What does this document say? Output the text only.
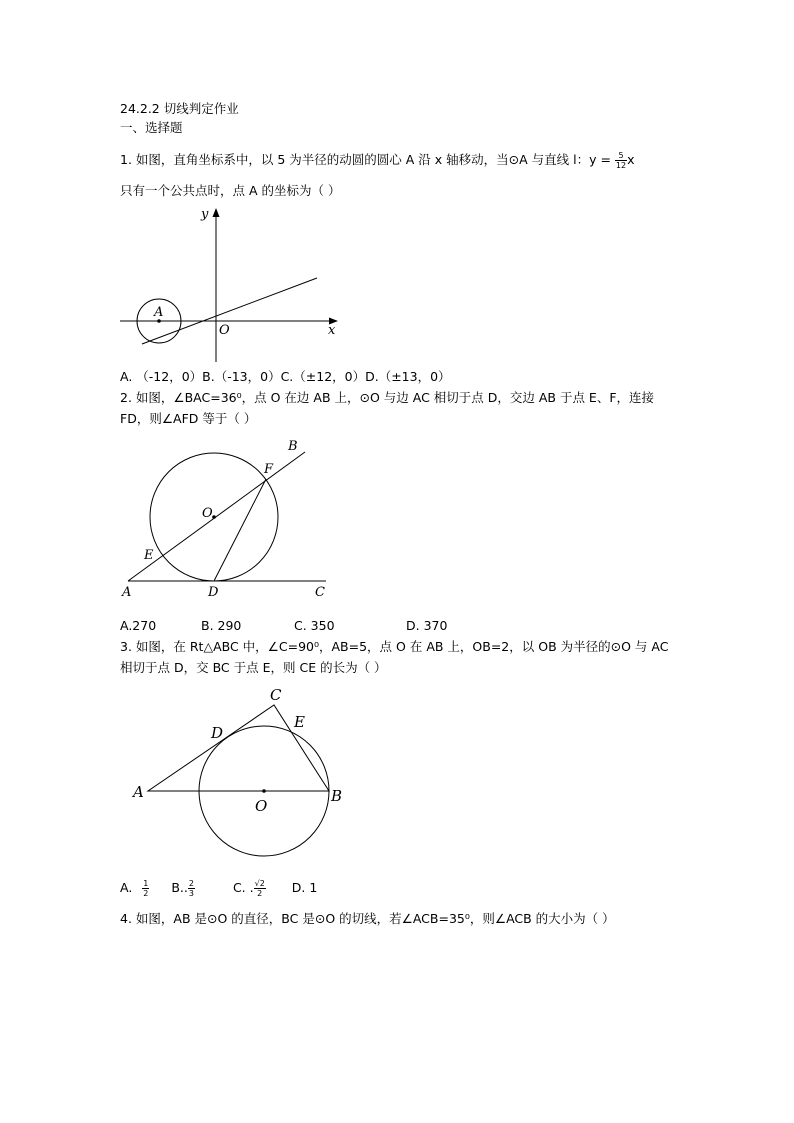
24.2.2 切线判定作业
一、选择题
1. 如图，直角坐标系中，以 5 为半径的动圆的圆心 A 沿 x 轴移动，当⊙A 与直线 l：$y = \frac{5}{12}$ x
只有一个公共点时，点 A 的坐标为（ ）
y
x
A
O
A. （-12，0）B.（-13，0）C.（±12，0）D.（±13，0）
2. 如图，∠BAC=36⁰，点 O 在边 AB 上，⊙O 与边 AC 相切于点 D，交边 AB 于点 E、F，连接
FD，则∠AFD 等于（ ）
B
F
O
E
A	D	C
A.270	B. 290	C. 350	D. 370
3. 如图，在 Rt△ABC 中，∠C=90⁰，AB=5，点 O 在 AB 上，OB=2，以 OB 为半径的⊙O 与 AC
相切于点 D，交 BC 于点 E，则 CE 的长为（ ）
C
D
E
A
O
B
A. $\frac{1}{2} B$.. $\frac{2}{3}$	C. . $\frac{√2}{2} D$. 1
4. 如图，AB 是⊙O 的直径，BC 是⊙O 的切线，若∠ACB=35⁰，则∠ACB 的大小为（ ）
